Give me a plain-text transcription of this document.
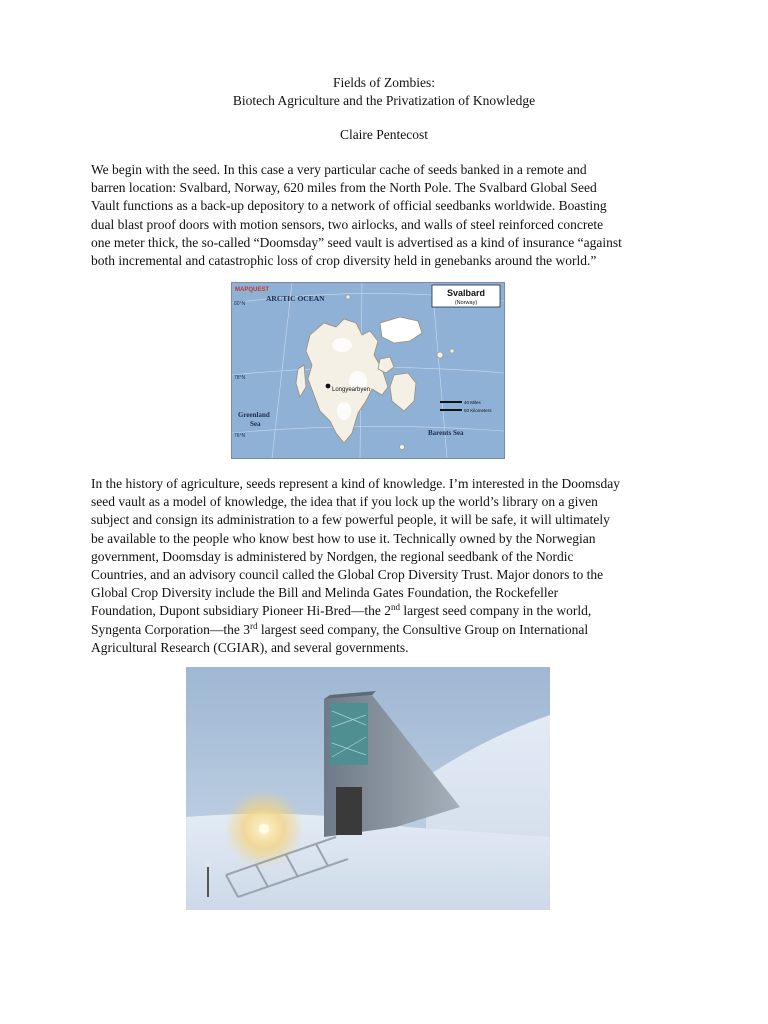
Fields of Zombies:
Biotech Agriculture and the Privatization of Knowledge
Claire Pentecost
We begin with the seed. In this case a very particular cache of seeds banked in a remote and
barren location: Svalbard, Norway, 620 miles from the North Pole. The Svalbard Global Seed
Vault functions as a back-up depository to a network of official seedbanks worldwide. Boasting
dual blast proof doors with motion sensors, two airlocks, and walls of steel reinforced concrete
one meter thick, the so-called “Doomsday” seed vault is advertised as a kind of insurance “against
both incremental and catastrophic loss of crop diversity held in genebanks around the world.”
MAPQUEST
ARCTIC OCEAN
Longyearbyen
Greenland
Sea
Barents Sea
80°N
78°N
76°N
Svalbard
(Norway)
40 Miles
50 Kilometers
In the history of agriculture, seeds represent a kind of knowledge. I’m interested in the Doomsday
seed vault as a model of knowledge, the idea that if you lock up the world’s library on a given
subject and consign its administration to a few powerful people, it will be safe, it will ultimately
be available to the people who know best how to use it. Technically owned by the Norwegian
government, Doomsday is administered by Nordgen, the regional seedbank of the Nordic
Countries, and an advisory council called the Global Crop Diversity Trust. Major donors to the
Global Crop Diversity include the Bill and Melinda Gates Foundation, the Rockefeller
Foundation, Dupont subsidiary Pioneer Hi-Bred—the 2nd largest seed company in the world,
Syngenta Corporation—the 3rd largest seed company, the Consultive Group on International
Agricultural Research (CGIAR), and several governments.
